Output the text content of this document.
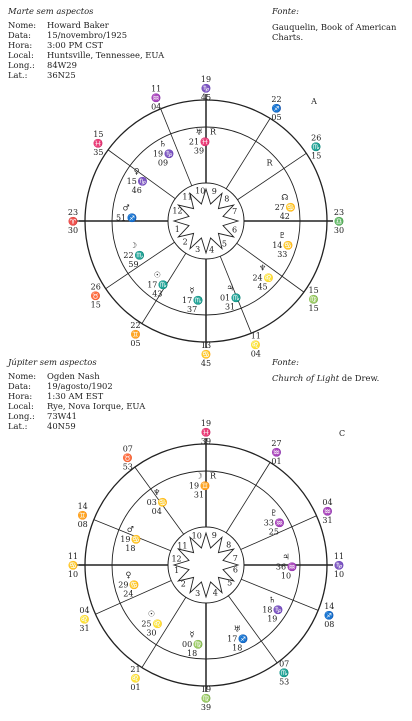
Marte sem aspectos
Nome:	Howard Baker
Data:	15/novembro/1925
Hora:	3:00 PM CST
Local:	Huntsville, Tennessee, EUA
Long.:	84W29
Lat.:	36N25
Fonte:
Gauquelin, Book of American Charts.
Júpiter sem aspectos
Nome:	Ogden Nash
Data:	19/agosto/1902
Hora:	1:30 AM EST
Local:	Rye, Nova Iorque, EUA
Long.:	73W41
Lat.:	40N59
Fonte:
Church of Light de Drew.
1
2
3 4
5
6
7
8
9
10
11
12
23
♈
30
26
♉
15
22
♊
05	13
♋
45
11
♌
04
15
♍
15
23
♎
30
26
♏
15
22
♐
05
19
♑
45
11
♒
04
15
♓
35
♅
21 ♓
39
R
♄
19 ♑
09
♀
15 ♑
46
♂
51 ♐
☽
22 ♏
59
☉
17 ♏
43	☿
17 ♏
37
♃
01 ♏
31
♆
24 ♌
45
♇
14 ♋
33
☊
27 ♋
42
R
A
1
2
3 4
5
6
7
8
9
10
11
12
11
♋
10
04
♌
31
21
♌
01	19
♍
39
07
♏
53
14
♐
08
11
♑
10
04
♒
31
27
♒
01
19
♓
39
07
♉
53
14
♊
08
☽
19 ♊
31
R
♆
03 ♋
04
♂
19 ♋
18
♀
29 ♋
24
☉
25 ♌
30	☿
00 ♍
18
♅
17 ♐
18
♄
18 ♑
19
♃
36 ♒
10
♇
33 ♒
25
C
